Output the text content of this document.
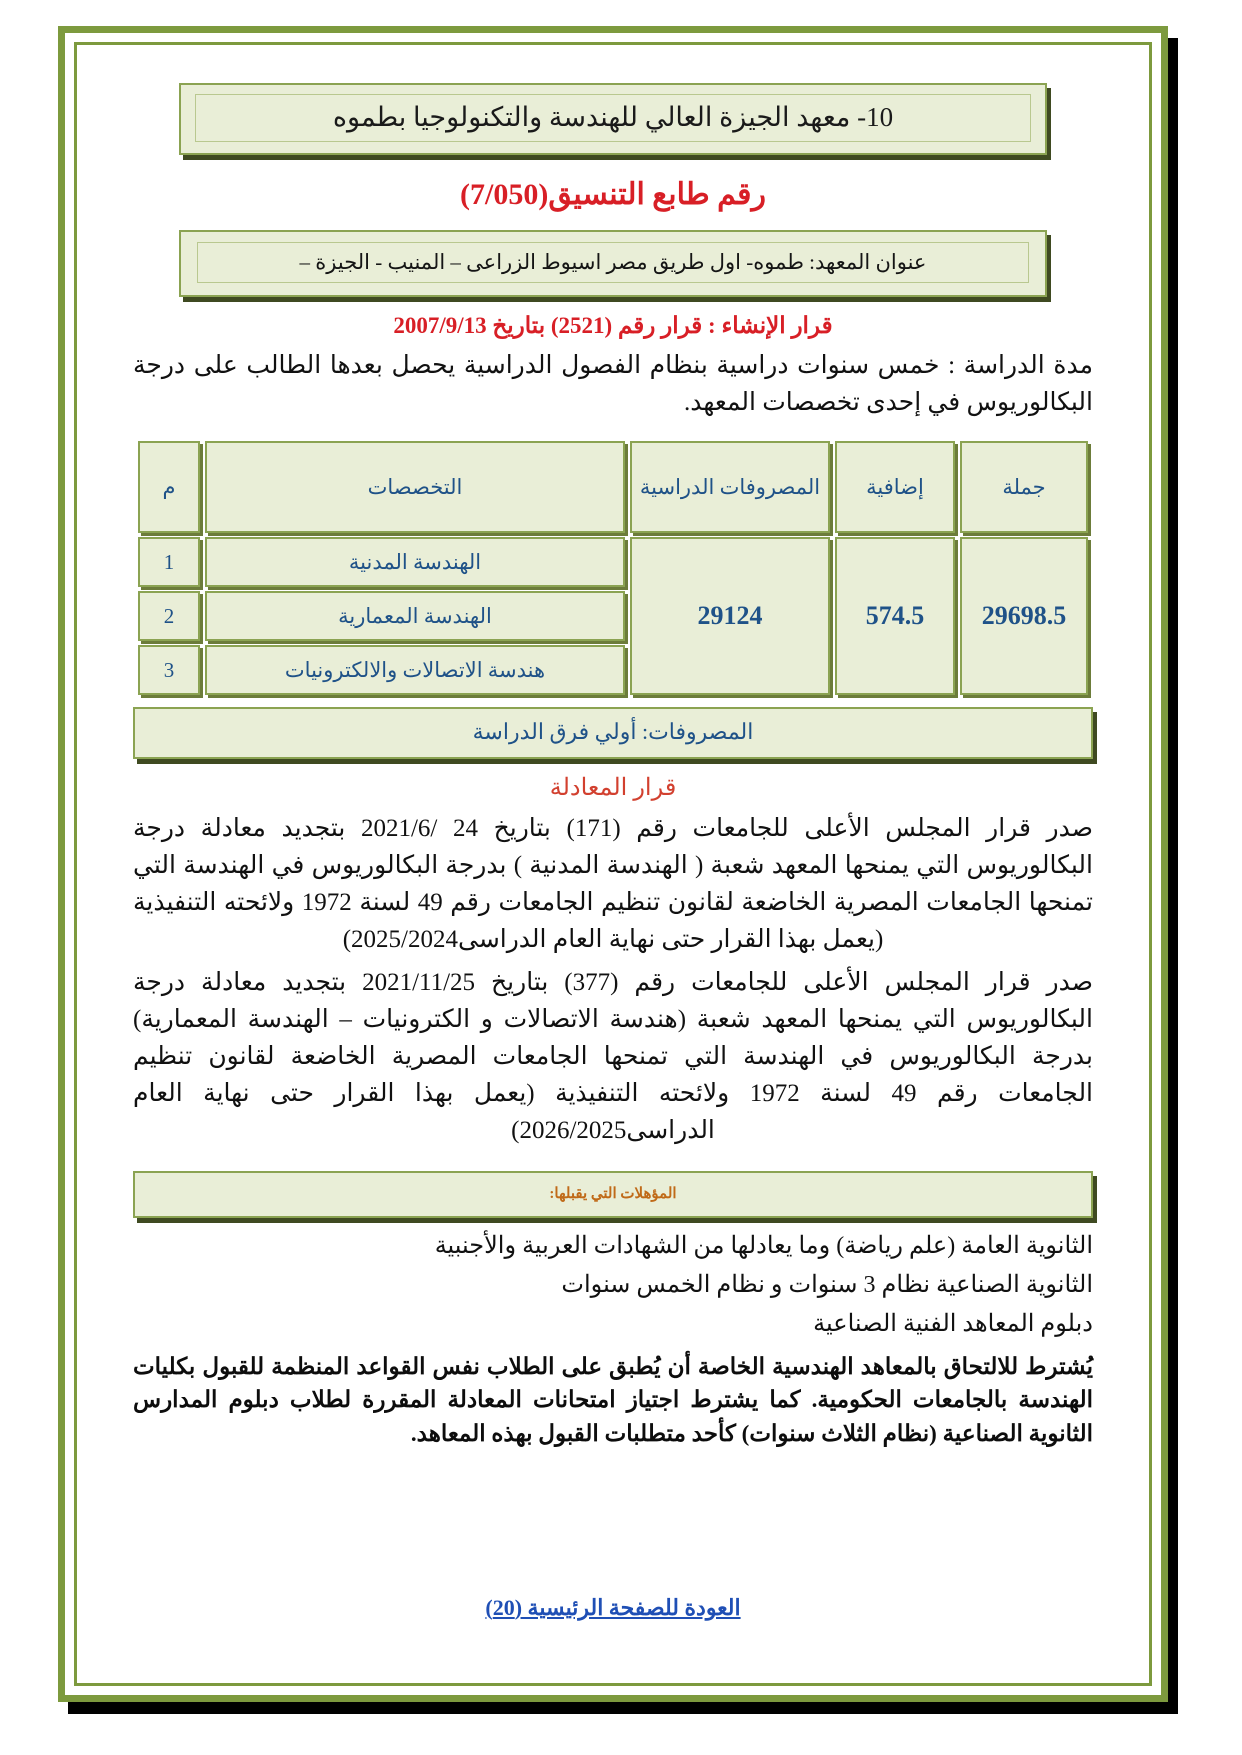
10- معهد الجيزة العالي للهندسة والتكنولوجيا بطموه
رقم طابع التنسيق(7/050)
عنوان المعهد: طموه- اول طريق مصر اسيوط الزراعى – المنيب - الجيزة –
قرار الإنشاء : قرار رقم (2521) بتاريخ 2007/9/13

مدة الدراسة : خمس سنوات دراسية بنظام الفصول الدراسية يحصل بعدها الطالب على درجة البكالوريوس في إحدى تخصصات المعهد.

جملة	إضافية	المصروفات الدراسية	التخصصات	م
29698.5	574.5	29124	الهندسة المدنية	1
			الهندسة المعمارية	2
			هندسة الاتصالات والالكترونيات	3
المصروفات: أولي فرق الدراسة
قرار المعادلة

صدر قرار المجلس الأعلى للجامعات رقم (171) بتاريخ 24 /2021/6 بتجديد معادلة درجة البكالوريوس التي يمنحها المعهد شعبة ( الهندسة المدنية ) بدرجة البكالوريوس في الهندسة التي تمنحها الجامعات المصرية الخاضعة لقانون تنظيم الجامعات رقم 49 لسنة 1972 ولائحته التنفيذية (يعمل بهذا القرار حتى نهاية العام الدراسى2025/2024)

صدر قرار المجلس الأعلى للجامعات رقم (377) بتاريخ 2021/11/25 بتجديد معادلة درجة البكالوريوس التي يمنحها المعهد شعبة (هندسة الاتصالات و الكترونيات – الهندسة المعمارية) بدرجة البكالوريوس في الهندسة التي تمنحها الجامعات المصرية الخاضعة لقانون تنظيم الجامعات رقم 49 لسنة 1972 ولائحته التنفيذية (يعمل بهذا القرار حتى نهاية العام الدراسى2026/2025)

المؤهلات التي يقبلها:
الثانوية العامة (علم رياضة) وما يعادلها من الشهادات العربية والأجنبية
الثانوية الصناعية نظام 3 سنوات و نظام الخمس سنوات
دبلوم المعاهد الفنية الصناعية

يُشترط للالتحاق بالمعاهد الهندسية الخاصة أن يُطبق على الطلاب نفس القواعد المنظمة للقبول بكليات الهندسة بالجامعات الحكومية. كما يشترط اجتياز امتحانات المعادلة المقررة لطلاب دبلوم المدارس الثانوية الصناعية (نظام الثلاث سنوات) كأحد متطلبات القبول بهذه المعاهد.

العودة للصفحة الرئيسية (20)
